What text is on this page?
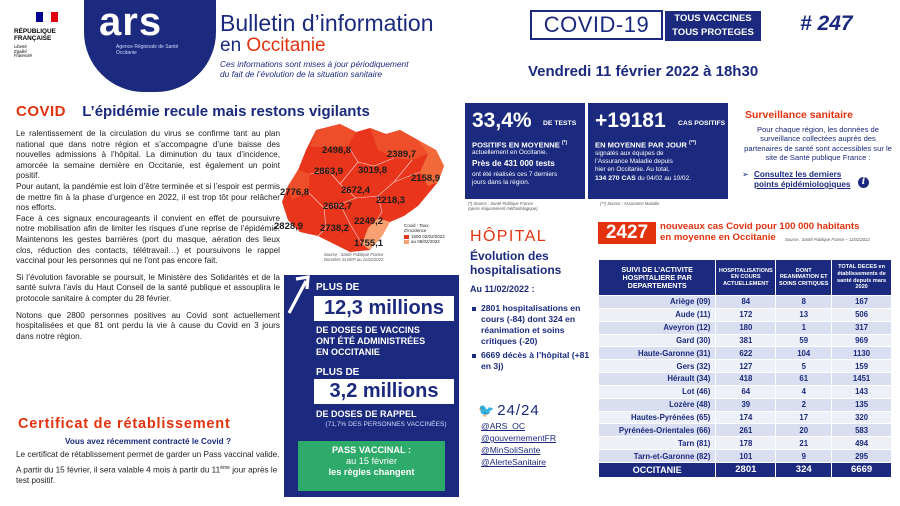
RÉPUBLIQUE
FRANÇAISE
Liberté
Égalité
Fraternité
ars
Agence Régionale de Santé
Occitanie
Bulletin d’information
en Occitanie
COVID-19	TOUS VACCINES
TOUS PROTEGES	# 247
Ces informations sont mises à jour périodiquement
du fait de l’évolution de la situation sanitaire	Vendredi 11 février 2022 à 18h30
COVID L’épidémie recule mais restons vigilants

Le ralentissement de la circulation du virus se confirme tant au plan national que dans notre région et s’accompagne d’une baisse des nouvelles admissions à l’hôpital. La diminution du taux d’incidence, amorcée la semaine dernière en Occitanie, est également un point positif.

Pour autant, la pandémie est loin d’être terminée et si l’espoir est permis de mettre fin à la phase d’urgence en 2022, il est trop tôt pour relâcher nos efforts.

Face à ces signaux encourageants il convient en effet de poursuivre notre mobilisation afin de limiter les risques d’une reprise de l’épidémie. Maintenons les gestes barrières (port du masque, aération des lieux clos, réduction des contacts, télétravail…) et poursuivons le rappel vaccinal pour les personnes qui ne l’ont pas encore fait.

Si l’évolution favorable se poursuit, le Ministère des Solidarités et de la santé suivra l’avis du Haut Conseil de la santé publique et assouplira le protocole sanitaire à compter du 28 février.

Notons que 2800 personnes positives au Covid sont actuellement hospitalisées et que 81 ont perdu la vie à cause du Covid en 3 jours dans notre région.

Certificat de rétablissement
Vous avez récemment contracté le Covid ?

Le certificat de rétablissement permet de garder un Pass vaccinal valide.

A partir du 15 février, il sera valable 4 mois à partir du 11ème jour après le test positif.

2498,8	2389,7
2863,9 3019,8
2158,9
2672,4
2776,8
2218,3
2602,7
2249,2
2828,9 2738,2
1755,1
Covid : Taux
d'incidence
1500 02/02/2022
au 08/02/2022
Source : Santé Publique France
Données SI-DEP au 11/02/2022
PLUS DE
12,3 millions
DE DOSES DE VACCINS
ONT ÉTÉ ADMINISTRÉES
EN OCCITANIE
PLUS DE
3,2 millions
DE DOSES DE RAPPEL
(71,7% DES PERSONNES VACCINÉES)
PASS VACCINAL :
au 15 février
les règles changent
33,4% DE TESTS
POSITIFS EN MOYENNE (*)
actuellement en Occitanie.
Près de 431 000 tests
ont été réalisés ces 7 derniers
jours dans la région.
(*) Source : Santé Publique France
(après réajustement méthodologique)
+19181 CAS POSITIFS
EN MOYENNE PAR JOUR (**)
signalés aux équipes de
l’Assurance Maladie depuis
hier en Occitanie. Au total,
134 270 CAS du 04/02 au 10/02.
(**) Source : Assurance Maladie
Surveillance sanitaire
Pour chaque région, les données de surveillance collectées auprès des partenaires de santé sont accessibles sur le site de Santé publique France :
➢ Consultez les derniers
points épidémiologiques	i
HÔPITAL
Évolution des
hospitalisations
Au 11/02/2022 :
2801 hospitalisations en cours (-84) dont 324 en réanimation et soins critiques (-20)
6669 décès à l’hôpital (+81 en 3j)
🐦 24/24
@ARS_OC
@gouvernementFR
@MinSoliSante
@AlerteSanitaire
2427	nouveaux cas Covid pour 100 000 habitants
en moyenne en Occitanie	Source : Santé Publique France – 11/02/2022
SUIVI DE L’ACTIVITE HOSPITALIERE PAR DEPARTEMENTS	HOSPITALISATIONS EN COURS ACTUELLEMENT	DONT REANIMATION ET SOINS CRITIQUES	TOTAL DECES en établissements de santé depuis mars 2020
Ariège (09)	84	8	167
Aude (11)	172	13	506
Aveyron (12)	180	1	317
Gard (30)	381	59	969
Haute-Garonne (31)	622	104	1130
Gers (32)	127	5	159
Hérault (34)	418	61	1451
Lot (46)	64	4	143
Lozère (48)	39	2	135
Hautes-Pyrénées (65)	174	17	320
Pyrénées-Orientales (66)	261	20	583
Tarn (81)	178	21	494
Tarn-et-Garonne (82)	101	9	295
OCCITANIE	2801	324	6669
